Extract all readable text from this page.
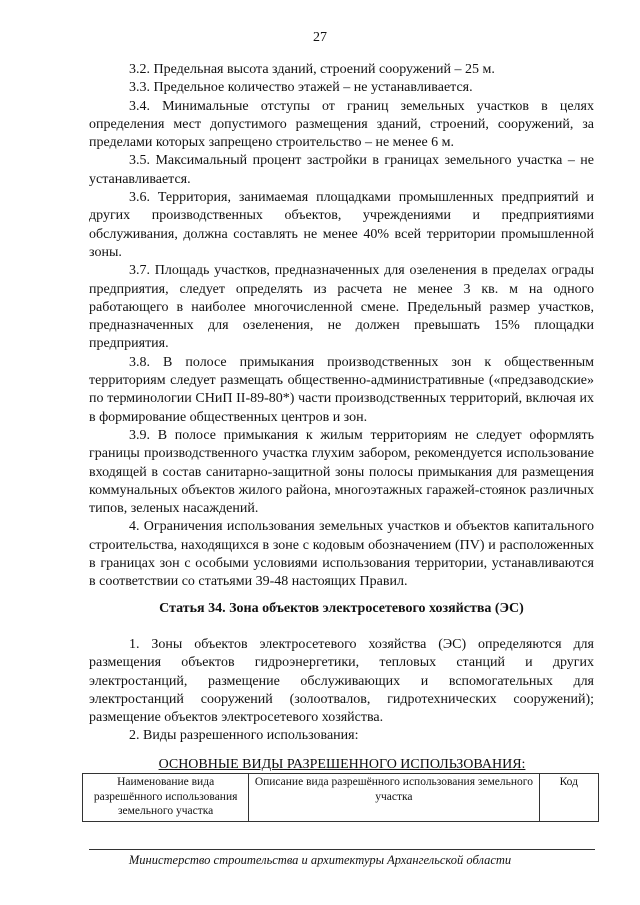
27

3.2. Предельная высота зданий, строений сооружений – 25 м.

3.3. Предельное количество этажей – не устанавливается.

3.4. Минимальные отступы от границ земельных участков в целях определения мест допустимого размещения зданий, строений, сооружений, за пределами которых запрещено строительство – не менее 6 м.

3.5. Максимальный процент застройки в границах земельного участка – не устанавливается.

3.6. Территория, занимаемая площадками промышленных предприятий и других производственных объектов, учреждениями и предприятиями обслуживания, должна составлять не менее 40% всей территории промышленной зоны.

3.7. Площадь участков, предназначенных для озеленения в пределах ограды предприятия, следует определять из расчета не менее 3 кв. м на одного работающего в наиболее многочисленной смене. Предельный размер участков, предназначенных для озеленения, не должен превышать 15% площадки предприятия.

3.8. В полосе примыкания производственных зон к общественным территориям следует размещать общественно-административные («предзаводские» по терминологии СНиП II-89-80*) части производственных территорий, включая их в формирование общественных центров и зон.

3.9. В полосе примыкания к жилым территориям не следует оформлять границы производственного участка глухим забором, рекомендуется использование входящей в состав санитарно-защитной зоны полосы примыкания для размещения коммунальных объектов жилого района, многоэтажных гаражей-стоянок различных типов, зеленых насаждений.

4. Ограничения использования земельных участков и объектов капитального строительства, находящихся в зоне с кодовым обозначением (ПV) и расположенных в границах зон с особыми условиями использования территории, устанавливаются в соответствии со статьями 39-48 настоящих Правил.

Статья 34. Зона объектов электросетевого хозяйства (ЭС)

1. Зоны объектов электросетевого хозяйства (ЭС) определяются для размещения объектов гидроэнергетики, тепловых станций и других электростанций, размещение обслуживающих и вспомогательных для электростанций сооружений (золоотвалов, гидротехнических сооружений); размещение объектов электросетевого хозяйства.

2. Виды разрешенного использования:

ОСНОВНЫЕ ВИДЫ РАЗРЕШЕННОГО ИСПОЛЬЗОВАНИЯ:
Наименование вида разрешённого использования земельного участка	Описание вида разрешённого использования земельного участка	Код
Министерство строительства и архитектуры Архангельской области
